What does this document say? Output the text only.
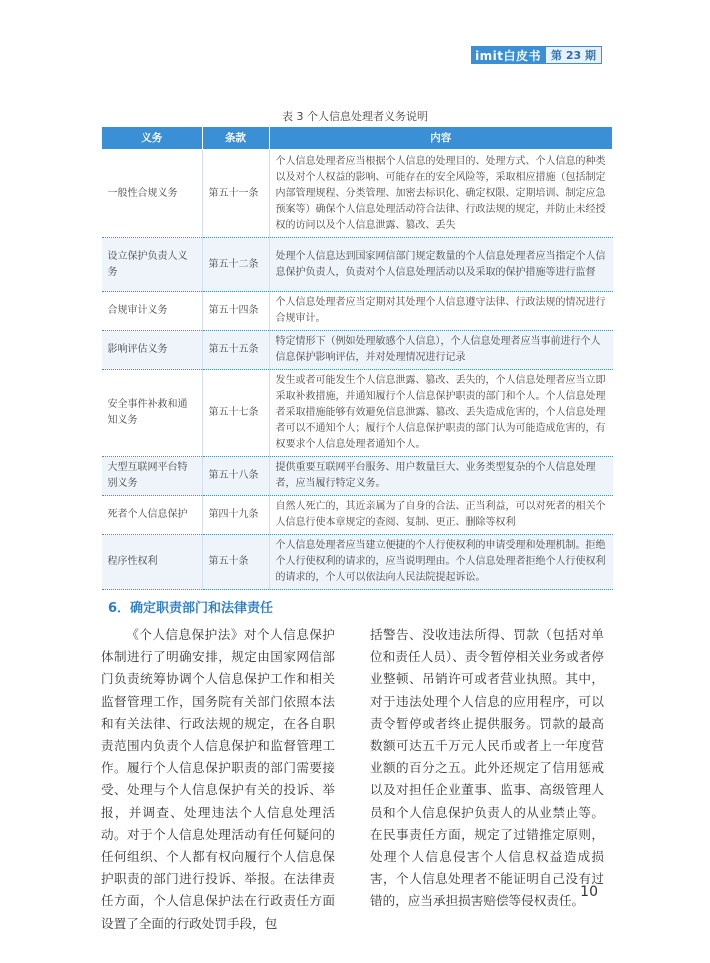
imit白皮书 第 23 期
表 3 个人信息处理者义务说明
义务	条款	内容
一般性合规义务	第五十一条	个人信息处理者应当根据个人信息的处理目的、处理方式、个人信息的种类以及对个人权益的影响、可能存在的安全风险等，采取相应措施（包括制定内部管理规程、分类管理、加密去标识化、确定权限、定期培训、制定应急预案等）确保个人信息处理活动符合法律、行政法规的规定，并防止未经授权的访问以及个人信息泄露、篡改、丢失
设立保护负责人义务	第五十二条	处理个人信息达到国家网信部门规定数量的个人信息处理者应当指定个人信息保护负责人，负责对个人信息处理活动以及采取的保护措施等进行监督
合规审计义务	第五十四条	个人信息处理者应当定期对其处理个人信息遵守法律、行政法规的情况进行合规审计。
影响评估义务	第五十五条	特定情形下（例如处理敏感个人信息），个人信息处理者应当事前进行个人信息保护影响评估，并对处理情况进行记录
安全事件补救和通知义务	第五十七条	发生或者可能发生个人信息泄露、篡改、丢失的，个人信息处理者应当立即采取补救措施，并通知履行个人信息保护职责的部门和个人。个人信息处理者采取措施能够有效避免信息泄露、篡改、丢失造成危害的，个人信息处理者可以不通知个人；履行个人信息保护职责的部门认为可能造成危害的，有权要求个人信息处理者通知个人。
大型互联网平台特别义务	第五十八条	提供重要互联网平台服务、用户数量巨大、业务类型复杂的个人信息处理者，应当履行特定义务。
死者个人信息保护	第四十九条	自然人死亡的，其近亲属为了自身的合法、正当利益，可以对死者的相关个人信息行使本章规定的查阅、复制、更正、删除等权利
程序性权利	第五十条	个人信息处理者应当建立便捷的个人行使权利的申请受理和处理机制。拒绝个人行使权利的请求的，应当说明理由。个人信息处理者拒绝个人行使权利的请求的，个人可以依法向人民法院提起诉讼。
6．确定职责部门和法律责任

《个人信息保护法》对个人信息保护体制进行了明确安排，规定由国家网信部门负责统筹协调个人信息保护工作和相关监督管理工作，国务院有关部门依照本法和有关法律、行政法规的规定，在各自职责范围内负责个人信息保护和监督管理工作。履行个人信息保护职责的部门需要接受、处理与个人信息保护有关的投诉、举报，并调查、处理违法个人信息处理活动。对于个人信息处理活动有任何疑问的任何组织、个人都有权向履行个人信息保护职责的部门进行投诉、举报。在法律责任方面，个人信息保护法在行政责任方面设置了全面的行政处罚手段，包

括警告、没收违法所得、罚款（包括对单位和责任人员）、责令暂停相关业务或者停业整顿、吊销许可或者营业执照。其中，对于违法处理个人信息的应用程序，可以责令暂停或者终止提供服务。罚款的最高数额可达五千万元人民币或者上一年度营业额的百分之五。此外还规定了信用惩戒以及对担任企业董事、监事、高级管理人员和个人信息保护负责人的从业禁止等。在民事责任方面，规定了过错推定原则，处理个人信息侵害个人信息权益造成损害，个人信息处理者不能证明自己没有过错的，应当承担损害赔偿等侵权责任。

10
